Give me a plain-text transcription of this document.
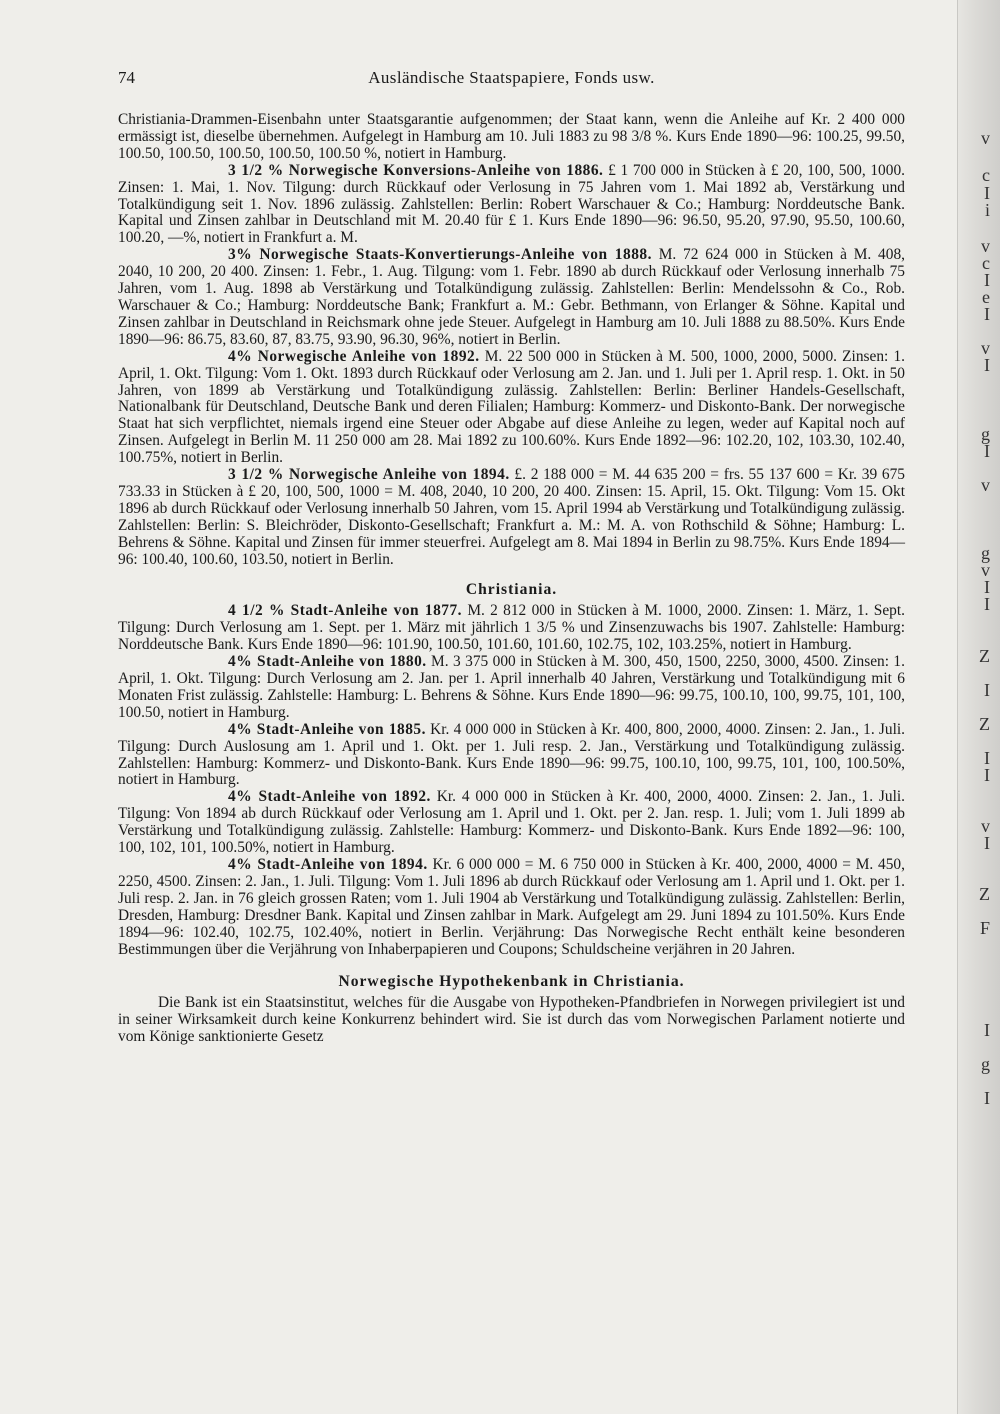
v
c
I
i
v
c
I
e
I
v
I
g
I
v
g
v
I
I
Z
I
Z
I
I
v
I
Z
F
I
g
I
74	Ausländische Staatspapiere, Fonds usw.

Christiania-Drammen-Eisenbahn unter Staatsgarantie aufgenommen; der Staat kann, wenn die Anleihe auf Kr. 2 400 000 ermässigt ist, dieselbe übernehmen. Aufgelegt in Hamburg am 10. Juli 1883 zu 98 3/8 %. Kurs Ende 1890—96: 100.25, 99.50, 100.50, 100.50, 100.50, 100.50, 100.50 %, notiert in Hamburg.

3 1/2 % Norwegische Konversions-Anleihe von 1886. £ 1 700 000 in Stücken à £ 20, 100, 500, 1000. Zinsen: 1. Mai, 1. Nov. Tilgung: durch Rückkauf oder Verlosung in 75 Jahren vom 1. Mai 1892 ab, Verstärkung und Totalkündigung seit 1. Nov. 1896 zulässig. Zahlstellen: Berlin: Robert Warschauer & Co.; Hamburg: Norddeutsche Bank. Kapital und Zinsen zahlbar in Deutschland mit M. 20.40 für £ 1. Kurs Ende 1890—96: 96.50, 95.20, 97.90, 95.50, 100.60, 100.20, —%, notiert in Frankfurt a. M.

3% Norwegische Staats-Konvertierungs-Anleihe von 1888. M. 72 624 000 in Stücken à M. 408, 2040, 10 200, 20 400. Zinsen: 1. Febr., 1. Aug. Tilgung: vom 1. Febr. 1890 ab durch Rückkauf oder Verlosung innerhalb 75 Jahren, vom 1. Aug. 1898 ab Verstärkung und Totalkündigung zulässig. Zahlstellen: Berlin: Mendelssohn & Co., Rob. Warschauer & Co.; Hamburg: Norddeutsche Bank; Frankfurt a. M.: Gebr. Bethmann, von Erlanger & Söhne. Kapital und Zinsen zahlbar in Deutschland in Reichsmark ohne jede Steuer. Aufgelegt in Hamburg am 10. Juli 1888 zu 88.50%. Kurs Ende 1890—96: 86.75, 83.60, 87, 83.75, 93.90, 96.30, 96%, notiert in Berlin.

4% Norwegische Anleihe von 1892. M. 22 500 000 in Stücken à M. 500, 1000, 2000, 5000. Zinsen: 1. April, 1. Okt. Tilgung: Vom 1. Okt. 1893 durch Rückkauf oder Verlosung am 2. Jan. und 1. Juli per 1. April resp. 1. Okt. in 50 Jahren, von 1899 ab Verstärkung und Totalkündigung zulässig. Zahlstellen: Berlin: Berliner Handels-Gesellschaft, Nationalbank für Deutschland, Deutsche Bank und deren Filialen; Hamburg: Kommerz- und Diskonto-Bank. Der norwegische Staat hat sich verpflichtet, niemals irgend eine Steuer oder Abgabe auf diese Anleihe zu legen, weder auf Kapital noch auf Zinsen. Aufgelegt in Berlin M. 11 250 000 am 28. Mai 1892 zu 100.60%. Kurs Ende 1892—96: 102.20, 102, 103.30, 102.40, 100.75%, notiert in Berlin.

3 1/2 % Norwegische Anleihe von 1894. £. 2 188 000 = M. 44 635 200 = frs. 55 137 600 = Kr. 39 675 733.33 in Stücken à £ 20, 100, 500, 1000 = M. 408, 2040, 10 200, 20 400. Zinsen: 15. April, 15. Okt. Tilgung: Vom 15. Okt 1896 ab durch Rückkauf oder Verlosung innerhalb 50 Jahren, vom 15. April 1994 ab Verstärkung und Totalkündigung zulässig. Zahlstellen: Berlin: S. Bleichröder, Diskonto-Gesellschaft; Frankfurt a. M.: M. A. von Rothschild & Söhne; Hamburg: L. Behrens & Söhne. Kapital und Zinsen für immer steuerfrei. Aufgelegt am 8. Mai 1894 in Berlin zu 98.75%. Kurs Ende 1894—96: 100.40, 100.60, 103.50, notiert in Berlin.

Christiania.

4 1/2 % Stadt-Anleihe von 1877. M. 2 812 000 in Stücken à M. 1000, 2000. Zinsen: 1. März, 1. Sept. Tilgung: Durch Verlosung am 1. Sept. per 1. März mit jährlich 1 3/5 % und Zinsenzuwachs bis 1907. Zahlstelle: Hamburg: Norddeutsche Bank. Kurs Ende 1890—96: 101.90, 100.50, 101.60, 101.60, 102.75, 102, 103.25%, notiert in Hamburg.

4% Stadt-Anleihe von 1880. M. 3 375 000 in Stücken à M. 300, 450, 1500, 2250, 3000, 4500. Zinsen: 1. April, 1. Okt. Tilgung: Durch Verlosung am 2. Jan. per 1. April innerhalb 40 Jahren, Verstärkung und Totalkündigung mit 6 Monaten Frist zulässig. Zahlstelle: Hamburg: L. Behrens & Söhne. Kurs Ende 1890—96: 99.75, 100.10, 100, 99.75, 101, 100, 100.50, notiert in Hamburg.

4% Stadt-Anleihe von 1885. Kr. 4 000 000 in Stücken à Kr. 400, 800, 2000, 4000. Zinsen: 2. Jan., 1. Juli. Tilgung: Durch Auslosung am 1. April und 1. Okt. per 1. Juli resp. 2. Jan., Verstärkung und Totalkündigung zulässig. Zahlstellen: Hamburg: Kommerz- und Diskonto-Bank. Kurs Ende 1890—96: 99.75, 100.10, 100, 99.75, 101, 100, 100.50%, notiert in Hamburg.

4% Stadt-Anleihe von 1892. Kr. 4 000 000 in Stücken à Kr. 400, 2000, 4000. Zinsen: 2. Jan., 1. Juli. Tilgung: Von 1894 ab durch Rückkauf oder Verlosung am 1. April und 1. Okt. per 2. Jan. resp. 1. Juli; vom 1. Juli 1899 ab Verstärkung und Totalkündigung zulässig. Zahlstelle: Hamburg: Kommerz- und Diskonto-Bank. Kurs Ende 1892—96: 100, 100, 102, 101, 100.50%, notiert in Hamburg.

4% Stadt-Anleihe von 1894. Kr. 6 000 000 = M. 6 750 000 in Stücken à Kr. 400, 2000, 4000 = M. 450, 2250, 4500. Zinsen: 2. Jan., 1. Juli. Tilgung: Vom 1. Juli 1896 ab durch Rückkauf oder Verlosung am 1. April und 1. Okt. per 1. Juli resp. 2. Jan. in 76 gleich grossen Raten; vom 1. Juli 1904 ab Verstärkung und Totalkündigung zulässig. Zahlstellen: Berlin, Dresden, Hamburg: Dresdner Bank. Kapital und Zinsen zahlbar in Mark. Aufgelegt am 29. Juni 1894 zu 101.50%. Kurs Ende 1894—96: 102.40, 102.75, 102.40%, notiert in Berlin. Verjährung: Das Norwegische Recht enthält keine besonderen Bestimmungen über die Verjährung von Inhaberpapieren und Coupons; Schuldscheine verjähren in 20 Jahren.

Norwegische Hypothekenbank in Christiania.

Die Bank ist ein Staatsinstitut, welches für die Ausgabe von Hypotheken-Pfandbriefen in Norwegen privilegiert ist und in seiner Wirksamkeit durch keine Konkurrenz behindert wird. Sie ist durch das vom Norwegischen Parlament notierte und vom Könige sanktionierte Gesetz
